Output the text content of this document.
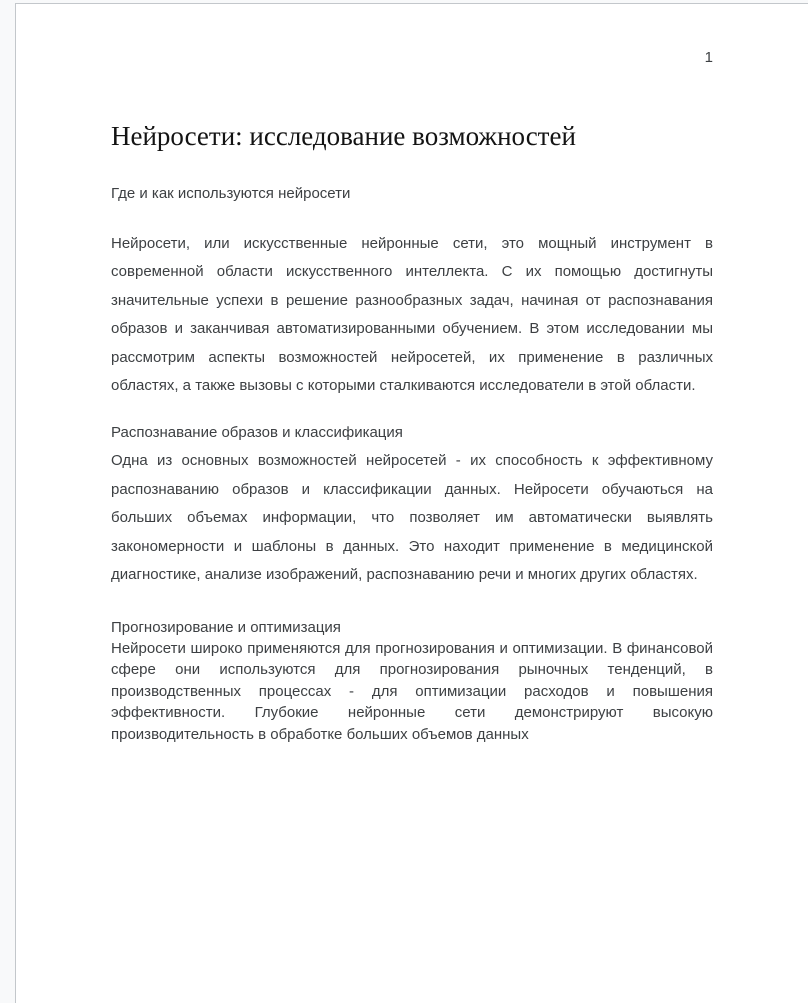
1
Нейросети: исследование возможностей
Где и как используются нейросети
Нейросети, или искусственные нейронные сети, это мощный инструмент в современной области искусственного интеллекта. С их помощью достигнуты значительные успехи в решение разнообразных задач, начиная от распознавания образов и заканчивая автоматизированными обучением. В этом исследовании мы рассмотрим аспекты возможностей нейросетей, их применение в различных областях, а также вызовы с которыми сталкиваются исследователи в этой области.
Распознавание образов и классификация
Одна из основных возможностей нейросетей - их способность к эффективному распознаванию образов и классификации данных. Нейросети обучаються на больших объемах информации, что позволяет им автоматически выявлять закономерности и шаблоны в данных. Это находит применение в медицинской диагностике, анализе изображений, распознаванию речи и многих других областях.
Прогнозирование и оптимизация
Нейросети широко применяются для прогнозирования и оптимизации. В финансовой сфере они используются для прогнозирования рыночных тенденций, в производственных процессах - для оптимизации расходов и повышения эффективности. Глубокие нейронные сети демонстрируют высокую производительность в обработке больших объемов данных
